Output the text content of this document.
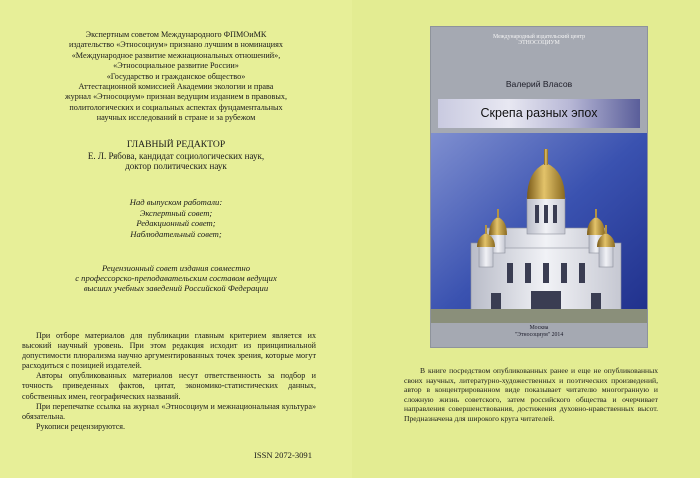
Экспертным советом Международного ФПМОиМК
издательство «Этносоциум» признано лучшим в номинациях
«Международное развитие межнациональных отношений»,
«Этносоциальное развитие России»
«Государство и гражданское общество»
Аттестационной комиссией Академии экологии и права
журнал «Этносоциум» признан ведущим изданием в правовых,
политологических и социальных аспектах фундаментальных
научных исследований в стране и за рубежом
ГЛАВНЫЙ РЕДАКТОР
Е. Л. Рябова, кандидат социологических наук,
доктор политических наук
Над выпуском работали:
Экспертный совет;
Редакционный совет;
Наблюдательный совет;
Рецензионный совет издания совместно
с профессорско-преподавательским составом ведущих
высших учебных заведений Российской Федерации

При отборе материалов для публикации главным критерием является их высокий научный уровень. При этом редакция исходит из принципиальной допустимости плюрализма научно аргументированных точек зрения, которые могут расходиться с позицией издателей.

Авторы опубликованных материалов несут ответственность за подбор и точность приведенных фактов, цитат, экономико-статистических данных, собственных имен, географических названий.

При перепечатке ссылка на журнал «Этносоциум и межнациональная культура» обязательна.

Рукописи рецензируются.

ISSN 2072-3091
Международный издательский центр
ЭТНОСОЦИУМ
Валерий Власов
Скрепа разных эпох
Москва
"Этносоциум" 2014

В книге посредством опубликованных ранее и еще не опубликованных своих научных, литературно-художественных и поэтических произведений, автор в концентрированном виде показывает читателю многогранную и сложную жизнь советского, затем российского общества и очерчивает направления совершенствования, достижения духовно-нравственных высот. Предназначена для широкого круга читателей.
